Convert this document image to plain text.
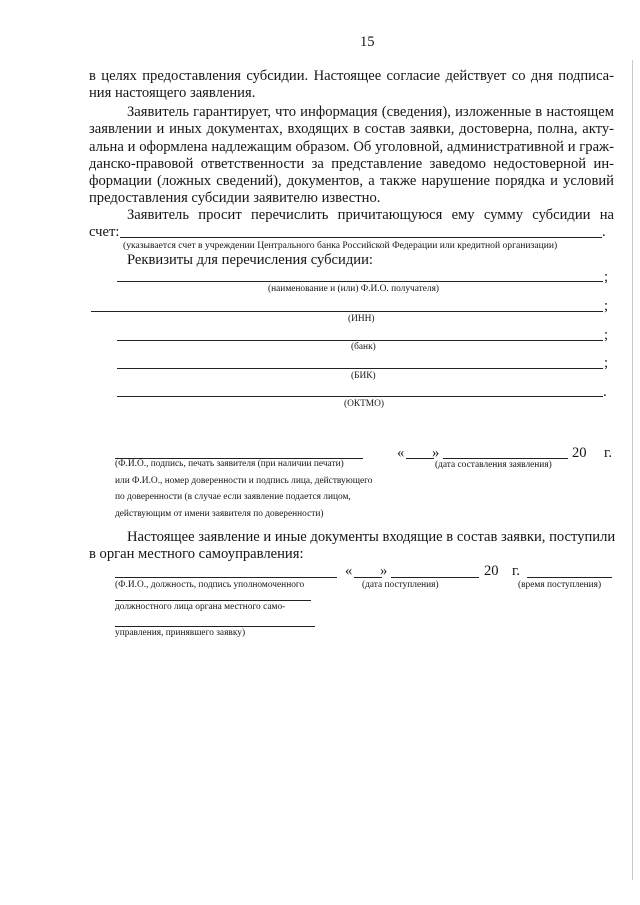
15
в целях предоставления субсидии. Настоящее согласие действует со дня подписа-
ния настоящего заявления.
Заявитель гарантирует, что информация (сведения), изложенные в настоящем
заявлении и иных документах, входящих в состав заявки, достоверна, полна, акту-
альна и оформлена надлежащим образом. Об уголовной, административной и граж-
данско-правовой ответственности за представление заведомо недостоверной ин-
формации (ложных сведений), документов, а также нарушение порядка и условий
предоставления субсидии заявителю известно.
Заявитель просит перечислить причитающуюся ему сумму субсидии на
счет:	.
(указывается счет в учреждении Центрального банка Российской Федерации или кредитной организации)
Реквизиты для перечисления субсидии:
;
(наименование и (или) Ф.И.О. получателя)
;
(ИНН)
;
(банк)
;
(БИК)
.
(ОКТМО)
(Ф.И.О., подпись, печать заявителя (при наличии печати)
или Ф.И.О., номер доверенности и подпись лица, действующего
по доверенности (в случае если заявление подается лицом,
действующим от имени заявителя по доверенности)
« »	20 г.
(дата составления заявления)
Настоящее заявление и иные документы входящие в состав заявки, поступили
в орган местного самоуправления:
« »	20 г.
(Ф.И.О., должность, подпись уполномоченного	(дата поступления)	(время поступления)
должностного лица органа местного само-
управления, принявшего заявку)
